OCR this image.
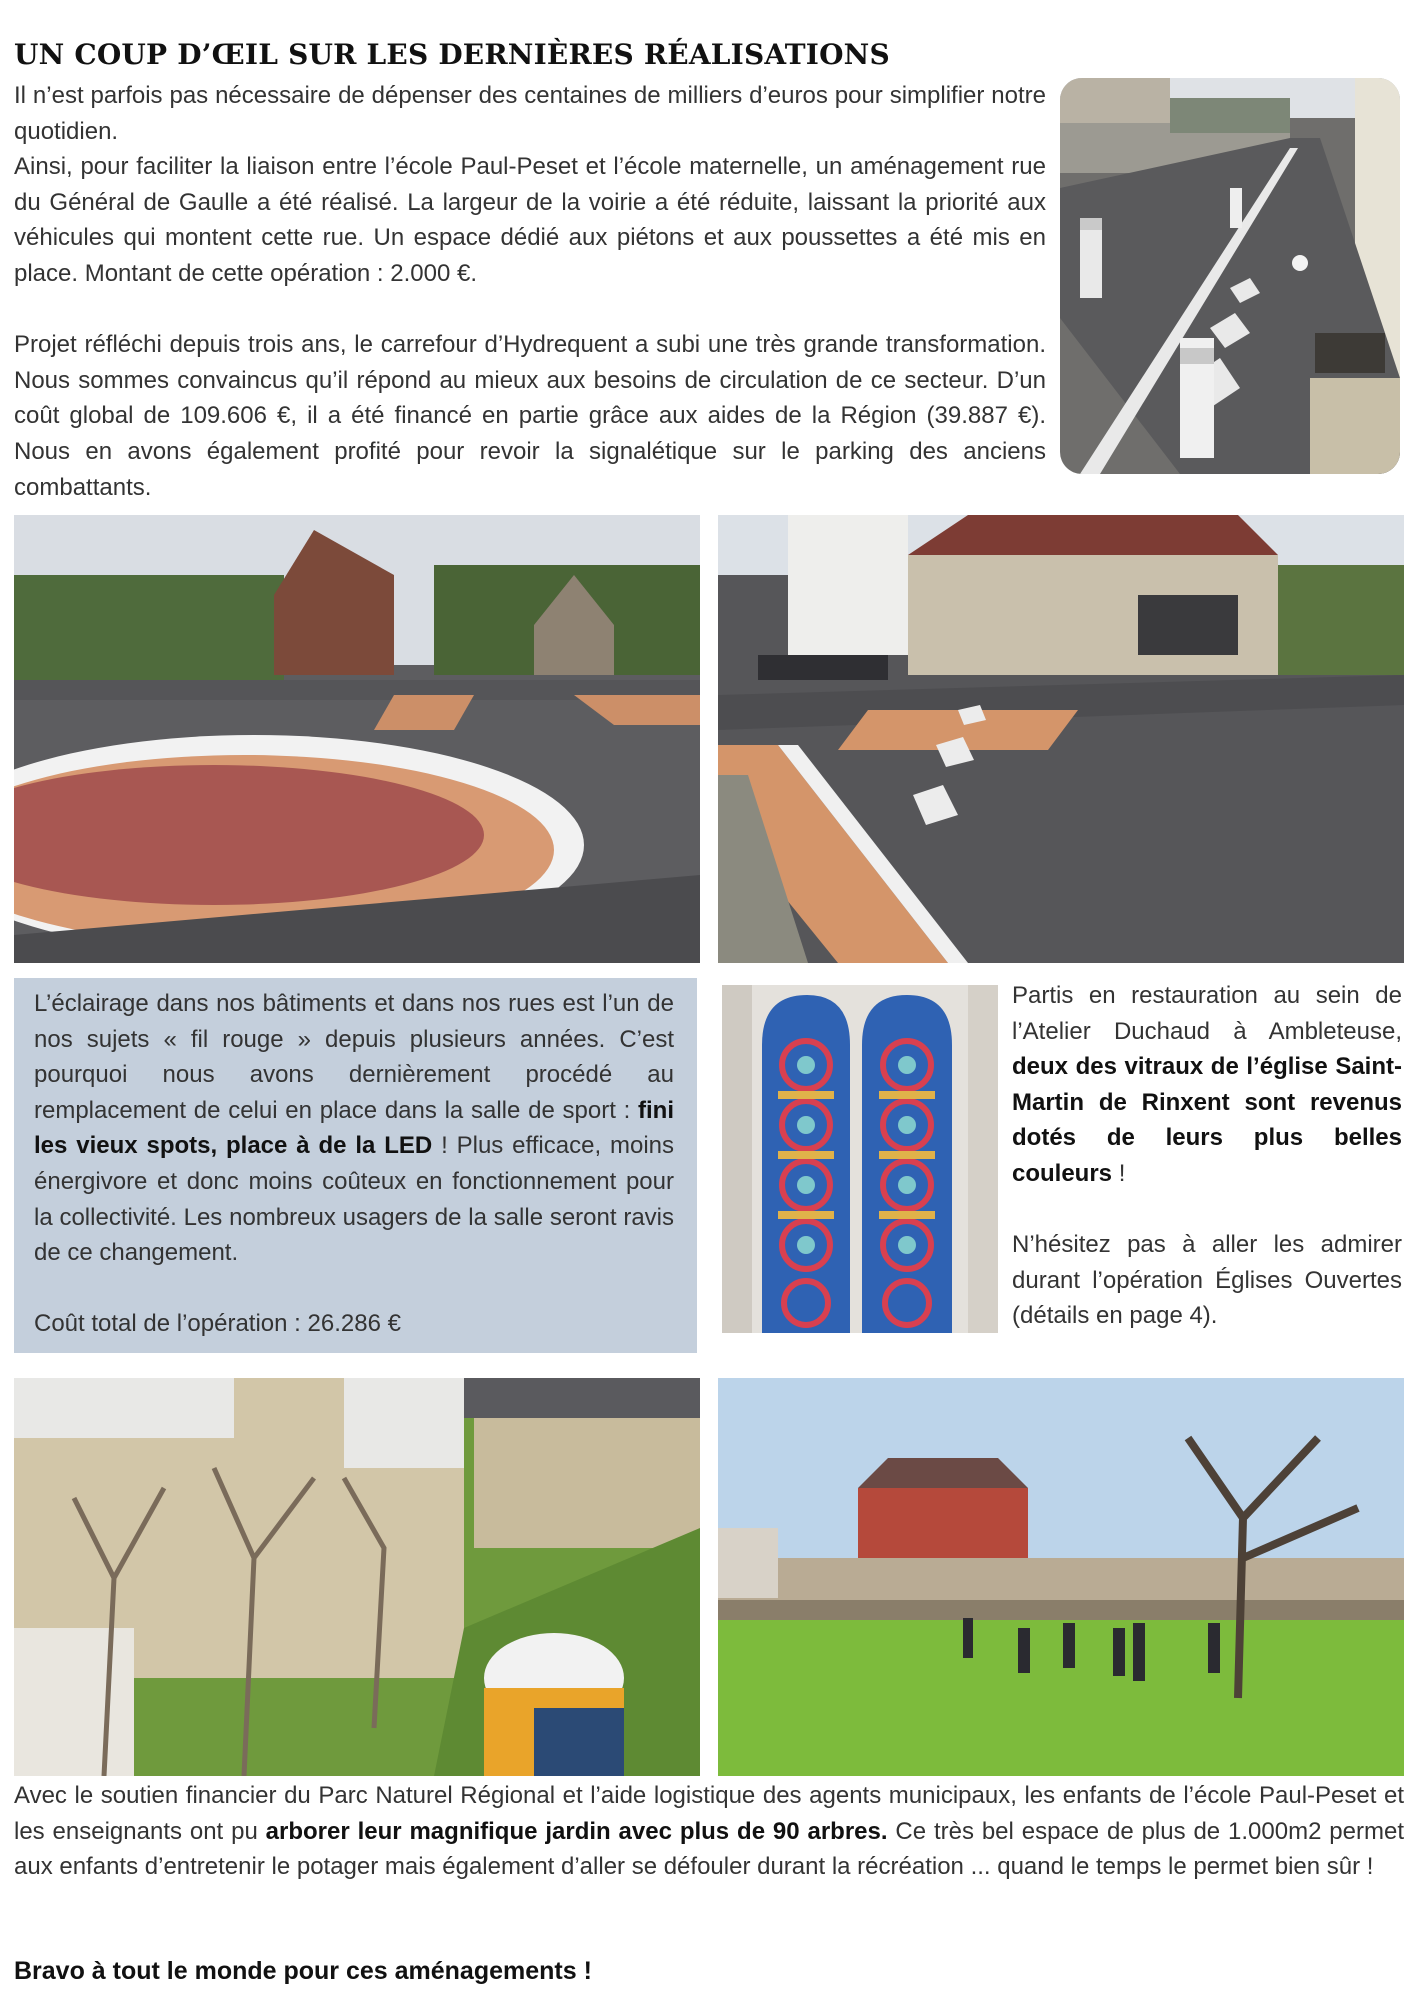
UN COUP D’ŒIL SUR LES DERNIÈRES RÉALISATIONS

Il n’est parfois pas nécessaire de dépenser des centaines de milliers d’euros pour simplifier notre quotidien.

Ainsi, pour faciliter la liaison entre l’école Paul-Peset et l’école maternelle, un aménagement rue du Général de Gaulle a été réalisé. La largeur de la voirie a été réduite, laissant la priorité aux véhicules qui montent cette rue. Un espace dédié aux piétons et aux poussettes a été mis en place. Montant de cette opération : 2.000 €.

Projet réfléchi depuis trois ans, le carrefour d’Hydrequent a subi une très grande transformation. Nous sommes convaincus qu’il répond au mieux aux besoins de circulation de ce secteur. D’un coût global de 109.606 €, il a été financé en partie grâce aux aides de la Région (39.887 €). Nous en avons également profité pour revoir la signalétique sur le parking des anciens combattants.

L’éclairage dans nos bâtiments et dans nos rues est l’un de nos sujets « fil rouge » depuis plusieurs années. C’est pourquoi nous avons dernièrement procédé au remplacement de celui en place dans la salle de sport : fini les vieux spots, place à de la LED ! Plus efficace, moins énergivore et donc moins coûteux en fonctionnement pour la collectivité. Les nombreux usagers de la salle seront ravis de ce changement.

Coût total de l’opération : 26.286 €

Partis en restauration au sein de l’Atelier Duchaud à Ambleteuse, deux des vitraux de l’église Saint-Martin de Rinxent sont revenus dotés de leurs plus belles couleurs !

N’hésitez pas à aller les admirer durant l’opération Églises Ouvertes (détails en page 4).

Avec le soutien financier du Parc Naturel Régional et l’aide logistique des agents municipaux, les enfants de l’école Paul-Peset et les enseignants ont pu arborer leur magnifique jardin avec plus de 90 arbres. Ce très bel espace de plus de 1.000m2 permet aux enfants d’entretenir le potager mais également d’aller se défouler durant la récréation ... quand le temps le permet bien sûr !

Bravo à tout le monde pour ces aménagements !
